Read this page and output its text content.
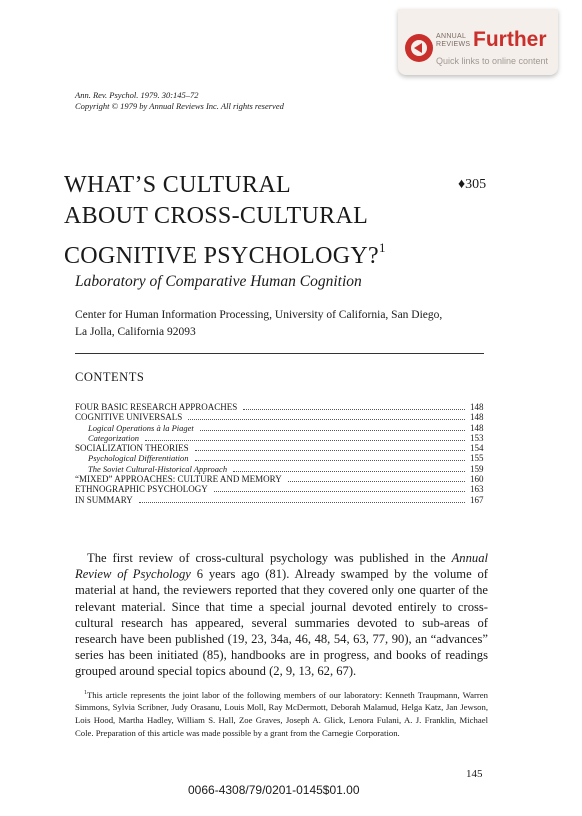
ANNUAL
REVIEWS Further
Quick links to online content
Ann. Rev. Psychol. 1979. 30:145–72
Copyright © 1979 by Annual Reviews Inc. All rights reserved
WHAT’S CULTURAL
ABOUT CROSS-CULTURAL
COGNITIVE PSYCHOLOGY?$^1$
♦305
Laboratory of Comparative Human Cognition
Center for Human Information Processing, University of California, San Diego,
La Jolla, California 92093
CONTENTS
FOUR BASIC RESEARCH APPROACHES	148
COGNITIVE UNIVERSALS	148
Logical Operations à la Piaget	148
Categorization	153
SOCIALIZATION THEORIES	154
Psychological Differentiation	155
The Soviet Cultural-Historical Approach	159
“MIXED” APPROACHES: CULTURE AND MEMORY	160
ETHNOGRAPHIC PSYCHOLOGY	163
IN SUMMARY	167
The first review of cross-cultural psychology was published in the Annual Review of Psychology 6 years ago (81). Already swamped by the volume of material at hand, the reviewers reported that they covered only one quarter of the relevant material. Since that time a special journal devoted entirely to cross-cultural research has appeared, several summaries devoted to sub-areas of research have been published (19, 23, 34a, 46, 48, 54, 63, 77, 90), an “advances” series has been initiated (85), handbooks are in progress, and books of readings grouped around special topics abound (2, 9, 13, 62, 67).
$^1$This article represents the joint labor of the following members of our laboratory: Kenneth Traupmann, Warren Simmons, Sylvia Scribner, Judy Orasanu, Louis Moll, Ray McDermott, Deborah Malamud, Helga Katz, Jan Jewson, Lois Hood, Martha Hadley, William S. Hall, Zoe Graves, Joseph A. Glick, Lenora Fulani, A. J. Franklin, Michael Cole. Preparation of this article was made possible by a grant from the Carnegie Corporation.
145
0066-4308/79/0201-0145$01.00
